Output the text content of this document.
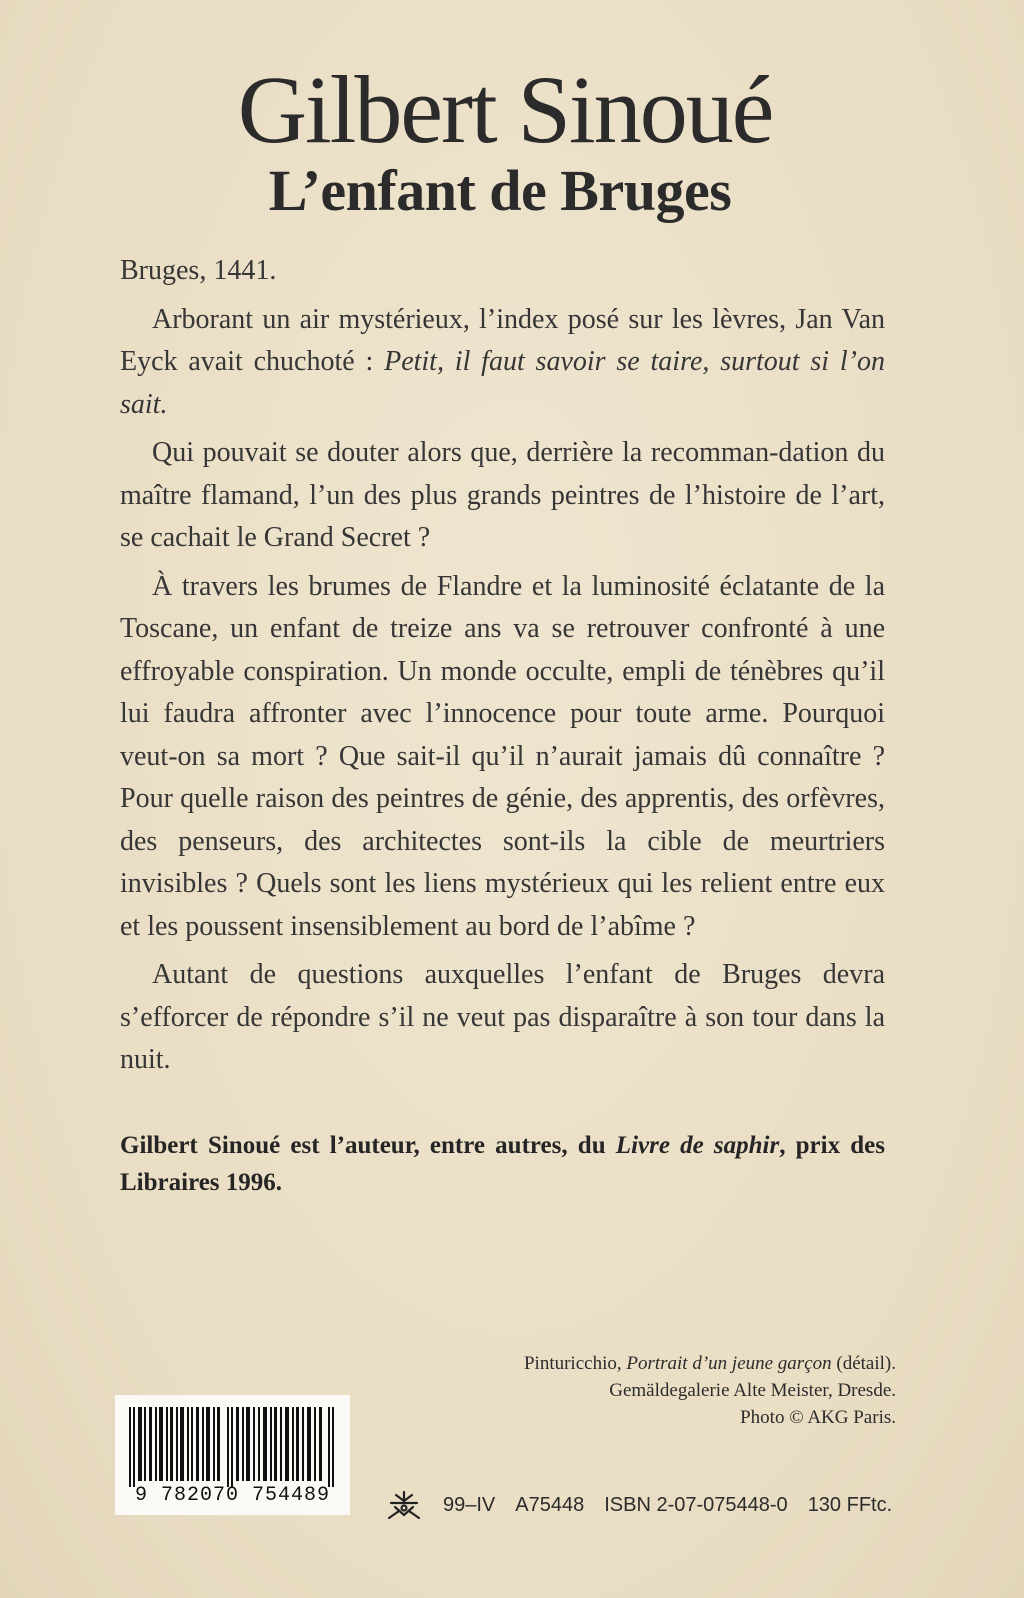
Gilbert Sinoué
L’enfant de Bruges

Bruges, 1441.

Arborant un air mystérieux, l’index posé sur les lèvres, Jan Van Eyck avait chuchoté : Petit, il faut savoir se taire, surtout si l’on sait.

Qui pouvait se douter alors que, derrière la recomman-dation du maître flamand, l’un des plus grands peintres de l’histoire de l’art, se cachait le Grand Secret ?

À travers les brumes de Flandre et la luminosité éclatante de la Toscane, un enfant de treize ans va se retrouver confronté à une effroyable conspiration. Un monde occulte, empli de ténèbres qu’il lui faudra affronter avec l’innocence pour toute arme. Pourquoi veut-on sa mort ? Que sait-il qu’il n’aurait jamais dû connaître ? Pour quelle raison des peintres de génie, des apprentis, des orfèvres, des penseurs, des architectes sont-ils la cible de meurtriers invisibles ? Quels sont les liens mystérieux qui les relient entre eux et les poussent insensiblement au bord de l’abîme ?

Autant de questions auxquelles l’enfant de Bruges devra s’efforcer de répondre s’il ne veut pas disparaître à son tour dans la nuit.

Gilbert Sinoué est l’auteur, entre autres, du Livre de saphir, prix des Libraires 1996.
Pinturicchio, Portrait d’un jeune garçon (détail).
Gemäldegalerie Alte Meister, Dresde.
Photo © AKG Paris.
9 782070 754489	99–IV A75448 ISBN 2-07-075448-0 130 FFtc.
